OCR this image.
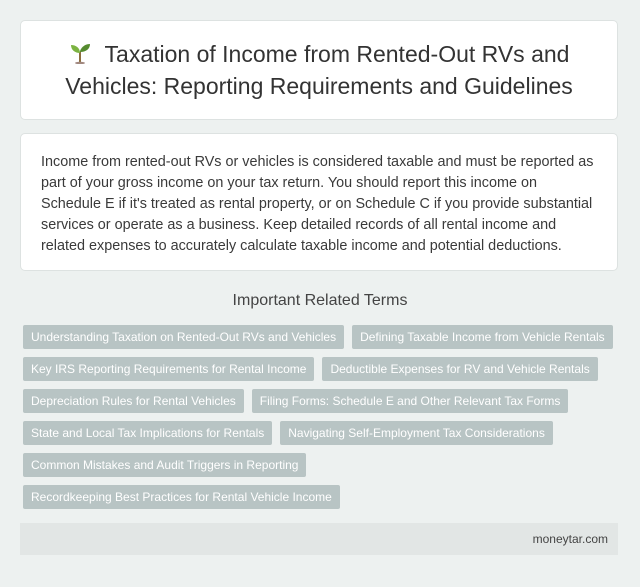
Taxation of Income from Rented-Out RVs and Vehicles: Reporting Requirements and Guidelines

Income from rented-out RVs or vehicles is considered taxable and must be reported as part of your gross income on your tax return. You should report this income on Schedule E if it's treated as rental property, or on Schedule C if you provide substantial services or operate as a business. Keep detailed records of all rental income and related expenses to accurately calculate taxable income and potential deductions.

Important Related Terms
Understanding Taxation on Rented-Out RVs and Vehicles	Defining Taxable Income from Vehicle Rentals
Key IRS Reporting Requirements for Rental Income	Deductible Expenses for RV and Vehicle Rentals
Depreciation Rules for Rental Vehicles	Filing Forms: Schedule E and Other Relevant Tax Forms
State and Local Tax Implications for Rentals	Navigating Self-Employment Tax Considerations
Common Mistakes and Audit Triggers in Reporting
Recordkeeping Best Practices for Rental Vehicle Income
moneytar.com
